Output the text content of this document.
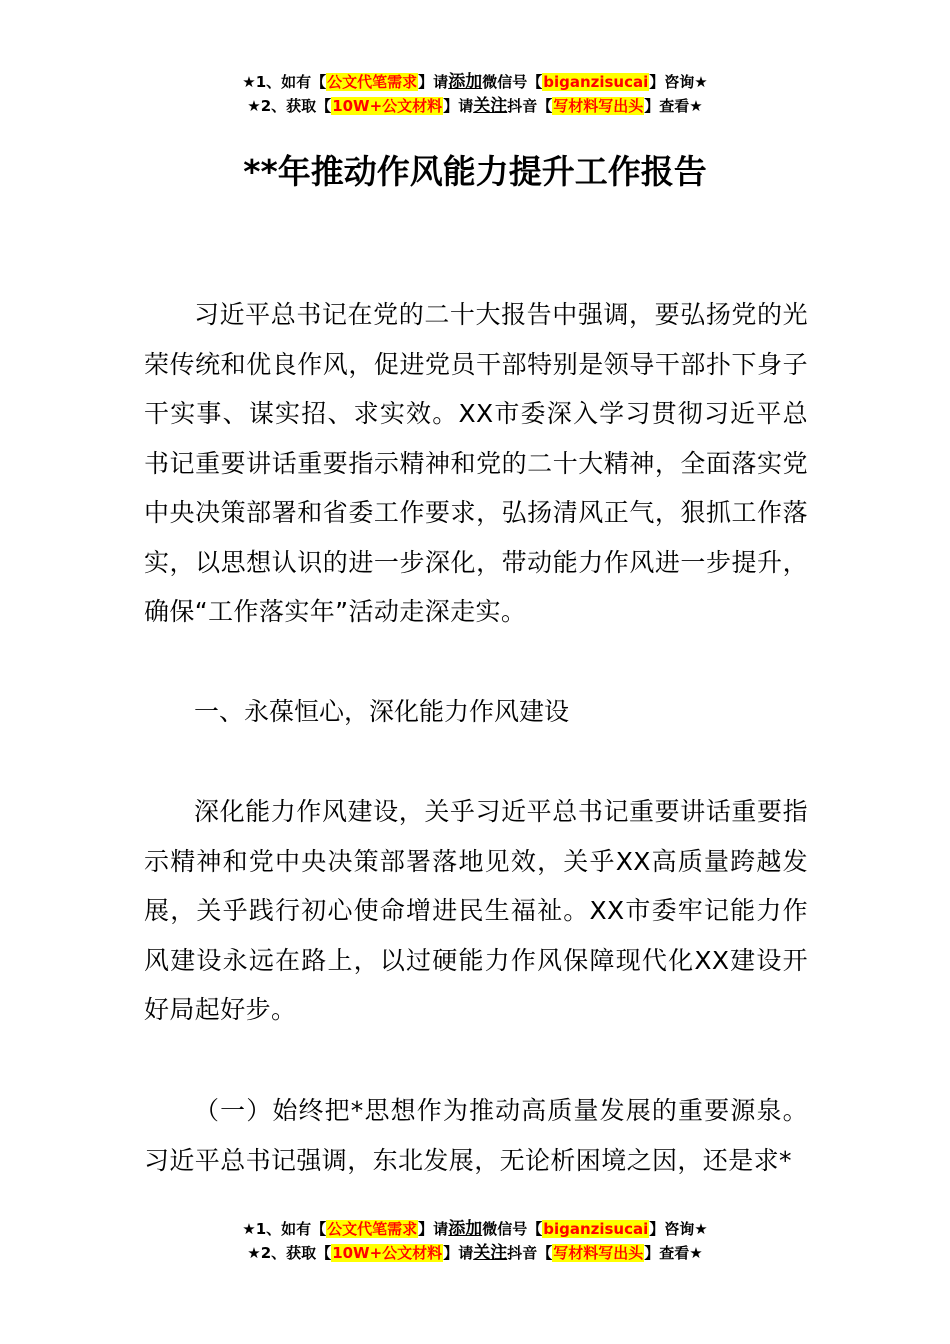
★1、如有【公文代笔需求】请添加微信号【biganzisucai】咨询★
★2、获取【10W+公文材料】请关注抖音【写材料写出头】查看★
**年推动作风能力提升工作报告

习近平总书记在党的二十大报告中强调，要弘扬党的光荣传统和优良作风，促进党员干部特别是领导干部扑下身子干实事、谋实招、求实效。XX市委深入学习贯彻习近平总书记重要讲话重要指示精神和党的二十大精神，全面落实党中央决策部署和省委工作要求，弘扬清风正气，狠抓工作落实，以思想认识的进一步深化，带动能力作风进一步提升，确保“工作落实年”活动走深走实。

一、永葆恒心，深化能力作风建设

深化能力作风建设，关乎习近平总书记重要讲话重要指示精神和党中央决策部署落地见效，关乎XX高质量跨越发展，关乎践行初心使命增进民生福祉。XX市委牢记能力作风建设永远在路上，以过硬能力作风保障现代化XX建设开好局起好步。

（一）始终把*思想作为推动高质量发展的重要源泉。习近平总书记强调，东北发展，无论析困境之因，还是求*

★1、如有【公文代笔需求】请添加微信号【biganzisucai】咨询★
★2、获取【10W+公文材料】请关注抖音【写材料写出头】查看★
